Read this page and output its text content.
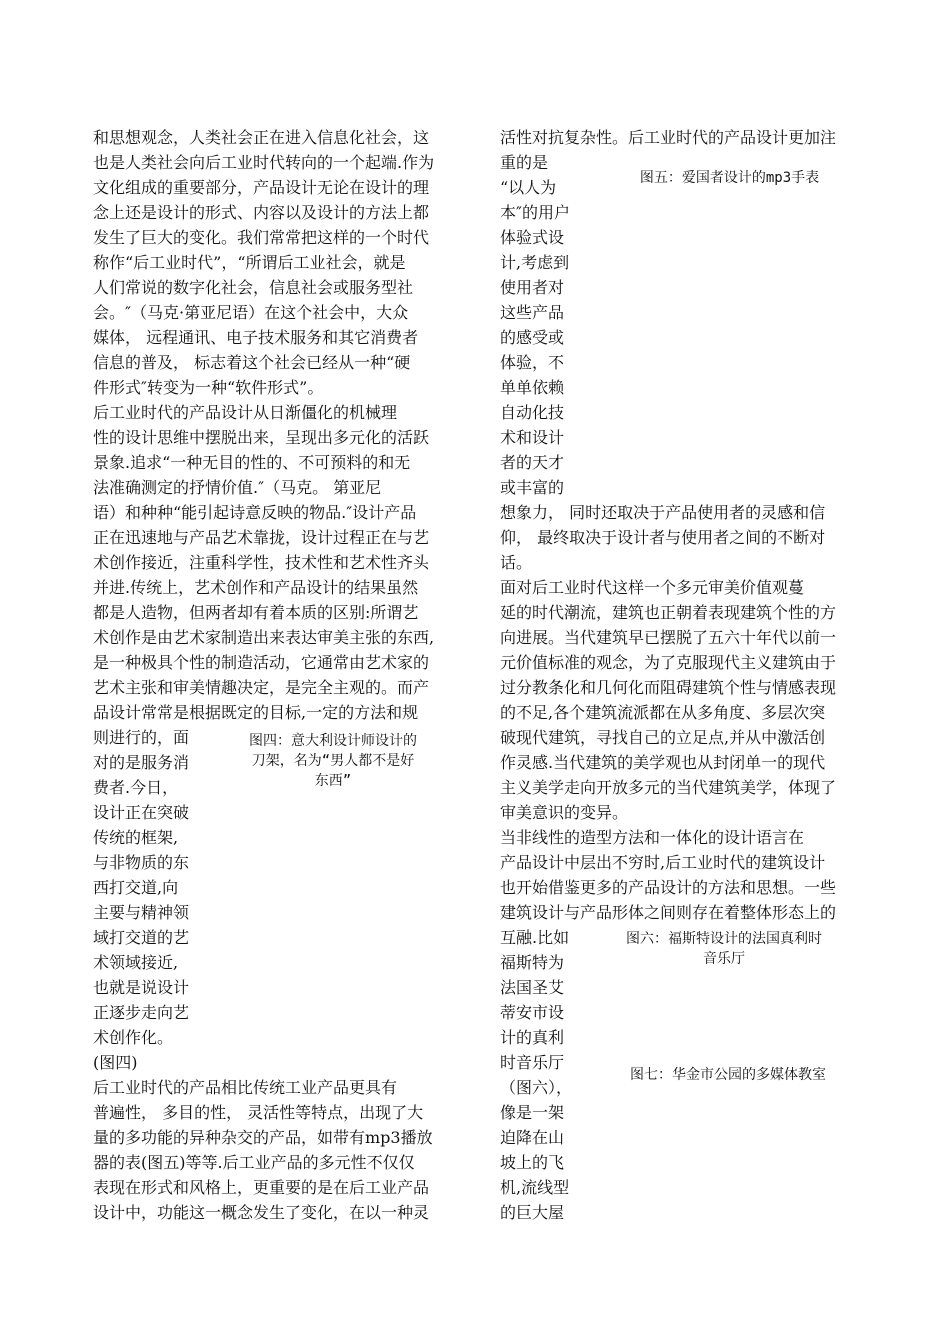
和思想观念，人类社会正在进入信息化社会，这
也是人类社会向后工业时代转向的一个起端.作为
文化组成的重要部分，产品设计无论在设计的理
念上还是设计的形式、内容以及设计的方法上都
发生了巨大的变化。我们常常把这样的一个时代
称作“后工业时代”，“所谓后工业社会，就是
人们常说的数字化社会，信息社会或服务型社
会。″（马克·第亚尼语）在这个社会中，大众
媒体， 远程通讯、电子技术服务和其它消费者
信息的普及， 标志着这个社会已经从一种“硬
件形式″转变为一种“软件形式”。
后工业时代的产品设计从日渐僵化的机械理
性的设计思维中摆脱出来，呈现出多元化的活跃
景象.追求“一种无目的性的、不可预料的和无
法准确测定的抒情价值.″（马克。 第亚尼
语）和种种“能引起诗意反映的物品.″设计产品
正在迅速地与产品艺术靠拢，设计过程正在与艺
术创作接近，注重科学性，技术性和艺术性齐头
并进.传统上，艺术创作和产品设计的结果虽然
都是人造物，但两者却有着本质的区别:所谓艺
术创作是由艺术家制造出来表达审美主张的东西,
是一种极具个性的制造活动，它通常由艺术家的
艺术主张和审美情趣决定，是完全主观的。而产
品设计常常是根据既定的目标,一定的方法和规
则进行的，面
对的是服务消
费者.今日，
设计正在突破
传统的框架,
与非物质的东
西打交道,向
主要与精神领
域打交道的艺
术领域接近,
也就是说设计
正逐步走向艺
术创作化。
(图四)
后工业时代的产品相比传统工业产品更具有
普遍性， 多目的性， 灵活性等特点，出现了大
量的多功能的异种杂交的产品，如带有mp3播放
器的表(图五)等等.后工业产品的多元性不仅仅
表现在形式和风格上，更重要的是在后工业产品
设计中，功能这一概念发生了变化，在以一种灵
活性对抗复杂性。后工业时代的产品设计更加注
重的是
“以人为
本″的用户
体验式设
计,考虑到
使用者对
这些产品
的感受或
体验，不
单单依赖
自动化技
术和设计
者的天才
或丰富的
想象力， 同时还取决于产品使用者的灵感和信
仰， 最终取决于设计者与使用者之间的不断对
话。
面对后工业时代这样一个多元审美价值观蔓
延的时代潮流，建筑也正朝着表现建筑个性的方
向进展。当代建筑早已摆脱了五六十年代以前一
元价值标准的观念，为了克服现代主义建筑由于
过分教条化和几何化而阻碍建筑个性与情感表现
的不足,各个建筑流派都在从多角度、多层次突
破现代建筑，寻找自己的立足点,并从中激活创
作灵感.当代建筑的美学观也从封闭单一的现代
主义美学走向开放多元的当代建筑美学，体现了
审美意识的变异。
当非线性的造型方法和一体化的设计语言在
产品设计中层出不穷时,后工业时代的建筑设计
也开始借鉴更多的产品设计的方法和思想。一些
建筑设计与产品形体之间则存在着整体形态上的
互融.比如
福斯特为
法国圣艾
蒂安市设
计的真利
时音乐厅
（图六），
像是一架
迫降在山
坡上的飞
机,流线型
的巨大屋
图四：意大利设计师设计的
刀架，名为“男人都不是好
东西”
图五：爱国者设计的mp3手表
图六：福斯特设计的法国真利时
音乐厅
图七：华金市公园的多媒体教室
